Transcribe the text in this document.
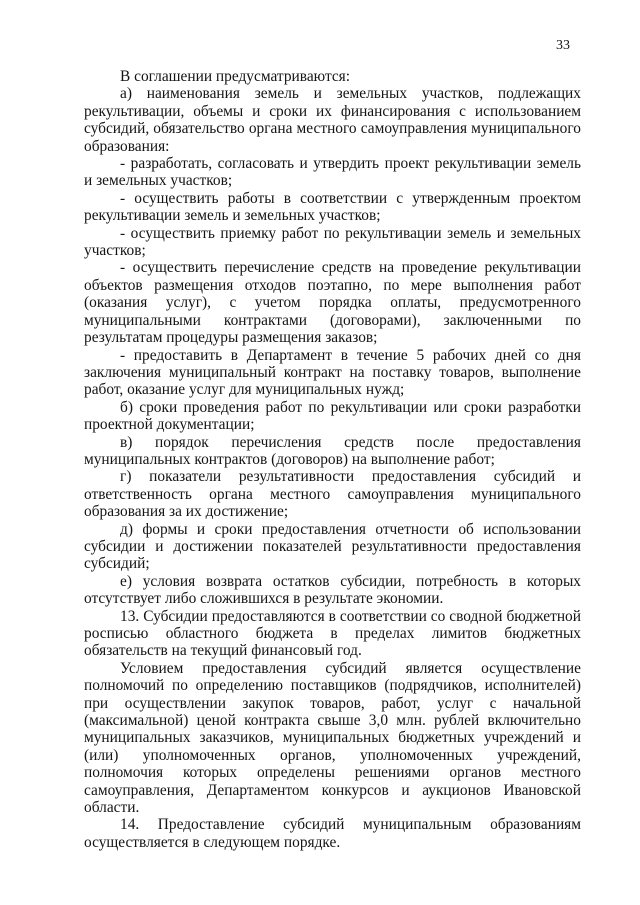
33

В соглашении предусматриваются:

а) наименования земель и земельных участков, подлежащих рекультивации, объемы и сроки их финансирования с использованием субсидий, обязательство органа местного самоуправления муниципального образования:

- разработать, согласовать и утвердить проект рекультивации земель и земельных участков;

- осуществить работы в соответствии с утвержденным проектом рекультивации земель и земельных участков;

- осуществить приемку работ по рекультивации земель и земельных участков;

- осуществить перечисление средств на проведение рекультивации объектов размещения отходов поэтапно, по мере выполнения работ (оказания услуг), с учетом порядка оплаты, предусмотренного муниципальными контрактами (договорами), заключенными по результатам процедуры размещения заказов;

- предоставить в Департамент в течение 5 рабочих дней со дня заключения муниципальный контракт на поставку товаров, выполнение работ, оказание услуг для муниципальных нужд;

б) сроки проведения работ по рекультивации или сроки разработки проектной документации;

в) порядок перечисления средств после предоставления муниципальных контрактов (договоров) на выполнение работ;

г) показатели результативности предоставления субсидий и ответственность органа местного самоуправления муниципального образования за их достижение;

д) формы и сроки предоставления отчетности об использовании субсидии и достижении показателей результативности предоставления субсидий;

е) условия возврата остатков субсидии, потребность в которых отсутствует либо сложившихся в результате экономии.

13. Субсидии предоставляются в соответствии со сводной бюджетной росписью областного бюджета в пределах лимитов бюджетных обязательств на текущий финансовый год.

Условием предоставления субсидий является осуществление полномочий по определению поставщиков (подрядчиков, исполнителей) при осуществлении закупок товаров, работ, услуг с начальной (максимальной) ценой контракта свыше 3,0 млн. рублей включительно муниципальных заказчиков, муниципальных бюджетных учреждений и (или) уполномоченных органов, уполномоченных учреждений, полномочия которых определены решениями органов местного самоуправления, Департаментом конкурсов и аукционов Ивановской области.

14. Предоставление субсидий муниципальным образованиям осуществляется в следующем порядке.
